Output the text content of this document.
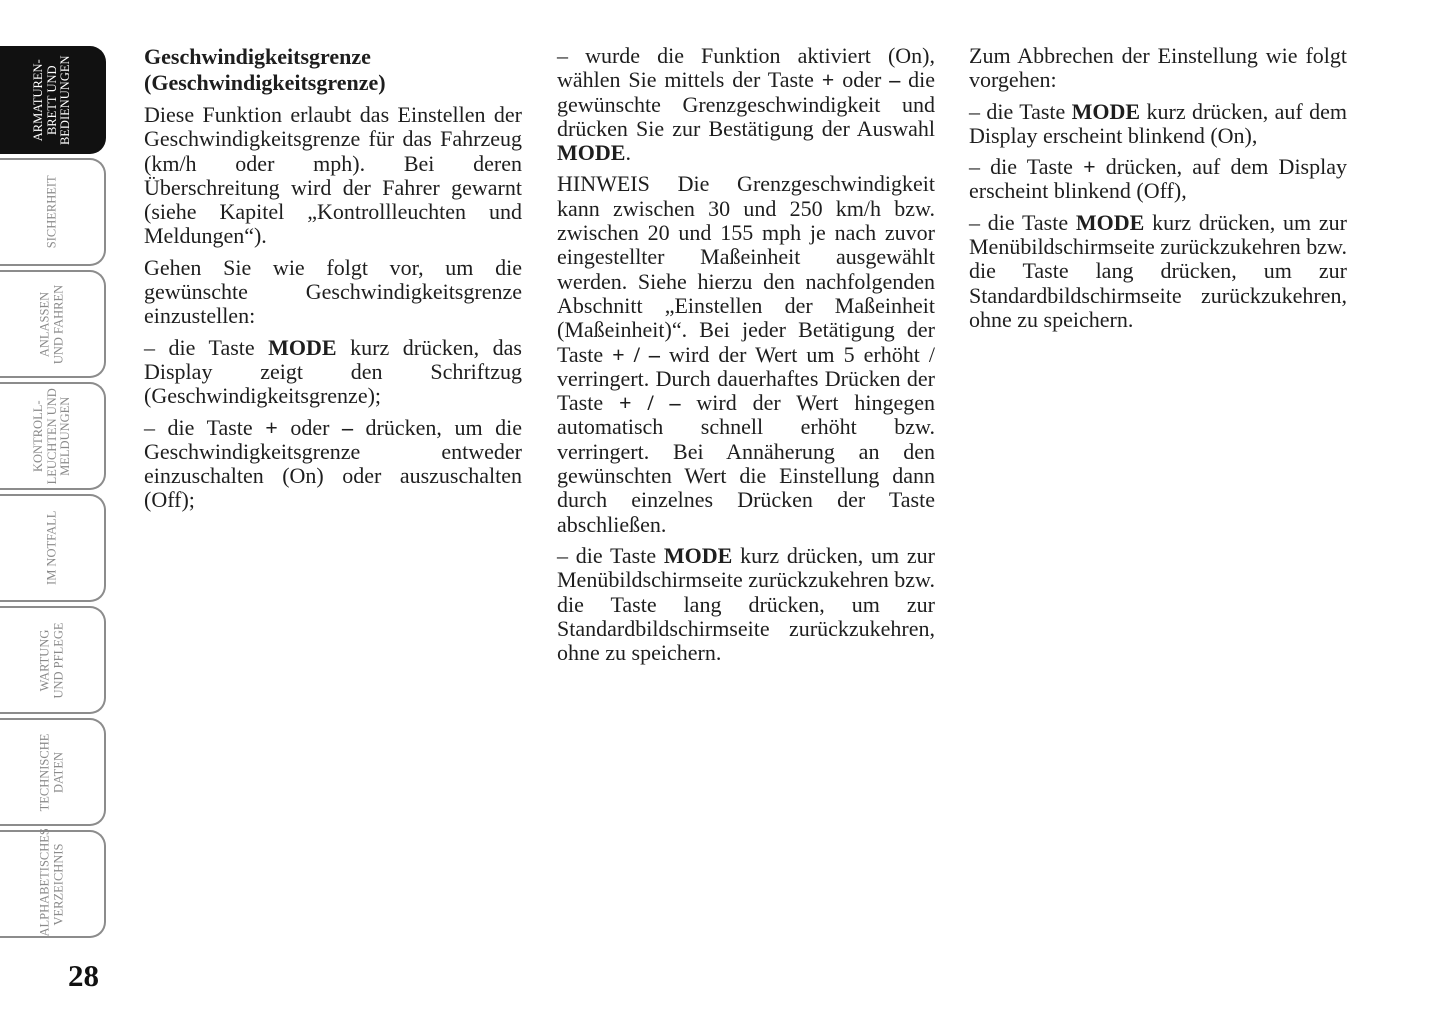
ARMATUREN-
BRETT UND
BEDIENUNGEN
SICHERHEIT
ANLASSEN
UND FAHREN
KONTROLL-
LEUCHTEN UND
MELDUNGEN
IM NOTFALL
WARTUNG
UND PFLEGE
TECHNISCHE
DATEN
ALPHABETISCHES
VERZEICHNIS
28
Geschwindigkeitsgrenze
(Geschwindigkeitsgrenze)

Diese Funktion erlaubt das Einstellen der Geschwindigkeitsgrenze für das Fahrzeug (km/h oder mph). Bei deren Überschreitung wird der Fahrer gewarnt (siehe Kapitel „Kontrollleuchten und Meldungen“).

Gehen Sie wie folgt vor, um die gewünschte Geschwindigkeitsgrenze einzustellen:

– die Taste MODE kurz drücken, das Display zeigt den Schriftzug (Geschwindigkeitsgrenze);

– die Taste + oder – drücken, um die Geschwindigkeitsgrenze entweder einzuschalten (On) oder auszuschalten (Off);

– wurde die Funktion aktiviert (On), wählen Sie mittels der Taste + oder – die gewünschte Grenzgeschwindigkeit und drücken Sie zur Bestätigung der Auswahl MODE.

HINWEIS Die Grenzgeschwindigkeit kann zwischen 30 und 250 km/h bzw. zwischen 20 und 155 mph je nach zuvor eingestellter Maßeinheit ausgewählt werden. Siehe hierzu den nachfolgenden Abschnitt „Einstellen der Maßeinheit (Maßeinheit)“. Bei jeder Betätigung der Taste + / – wird der Wert um 5 erhöht / verringert. Durch dauerhaftes Drücken der Taste + / – wird der Wert hingegen automatisch schnell erhöht bzw. verringert. Bei Annäherung an den gewünschten Wert die Einstellung dann durch einzelnes Drücken der Taste abschließen.

– die Taste MODE kurz drücken, um zur Menübildschirmseite zurückzukehren bzw. die Taste lang drücken, um zur Standardbildschirmseite zurückzukehren, ohne zu speichern.

Zum Abbrechen der Einstellung wie folgt vorgehen:

– die Taste MODE kurz drücken, auf dem Display erscheint blinkend (On),

– die Taste + drücken, auf dem Display erscheint blinkend (Off),

– die Taste MODE kurz drücken, um zur Menübildschirmseite zurückzukehren bzw. die Taste lang drücken, um zur Standardbildschirmseite zurückzukehren, ohne zu speichern.
